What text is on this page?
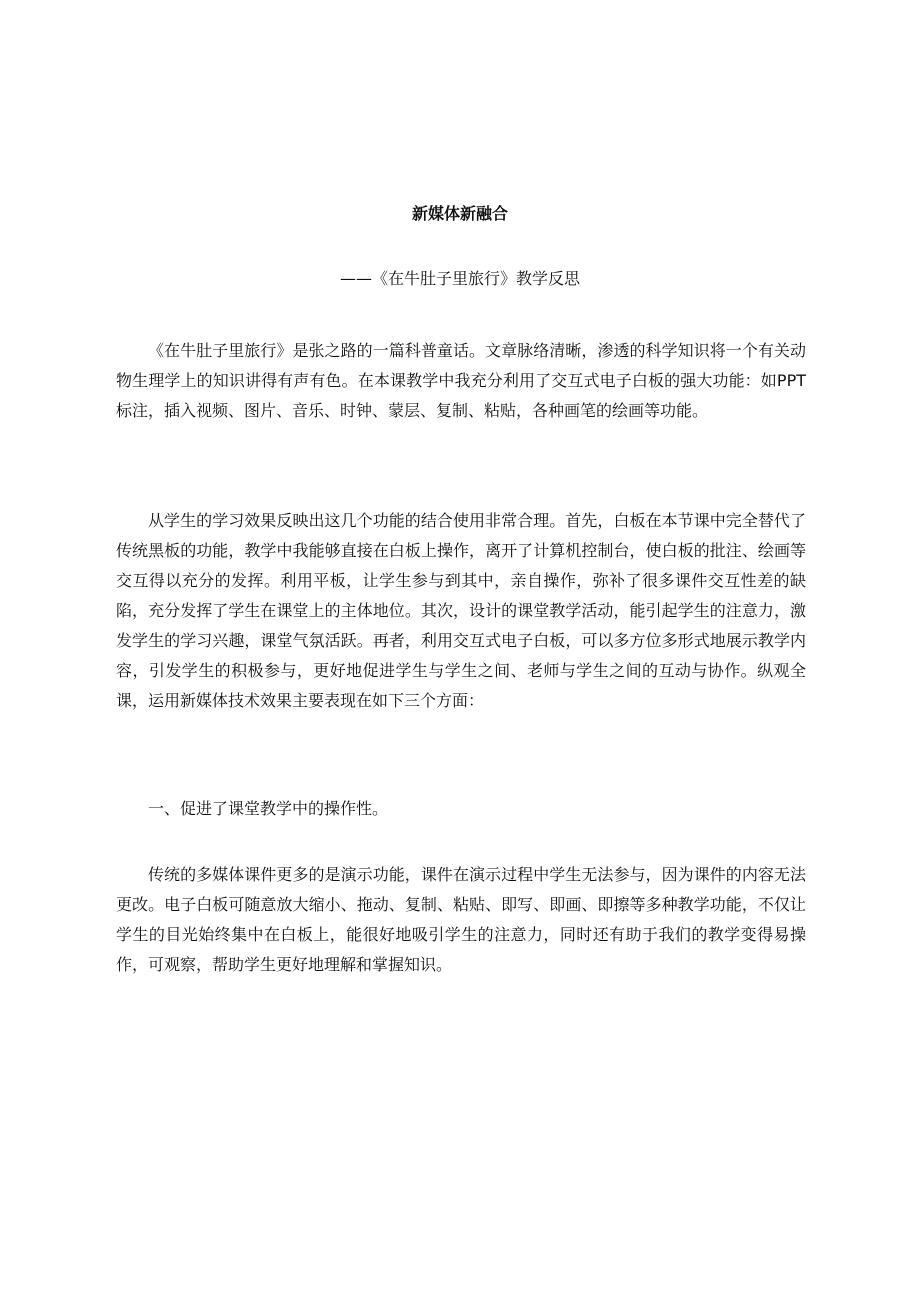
新媒体新融合

——《在牛肚子里旅行》教学反思

《在牛肚子里旅行》是张之路的一篇科普童话。文章脉络清晰，渗透的科学知识将一个有关动物生理学上的知识讲得有声有色。在本课教学中我充分利用了交互式电子白板的强大功能：如PPT标注，插入视频、图片、音乐、时钟、蒙层、复制、粘贴，各种画笔的绘画等功能。

从学生的学习效果反映出这几个功能的结合使用非常合理。首先，白板在本节课中完全替代了传统黑板的功能，教学中我能够直接在白板上操作，离开了计算机控制台，使白板的批注、绘画等交互得以充分的发挥。利用平板，让学生参与到其中，亲自操作，弥补了很多课件交互性差的缺陷，充分发挥了学生在课堂上的主体地位。其次，设计的课堂教学活动，能引起学生的注意力，激发学生的学习兴趣，课堂气氛活跃。再者，利用交互式电子白板，可以多方位多形式地展示教学内容，引发学生的积极参与，更好地促进学生与学生之间、老师与学生之间的互动与协作。纵观全课，运用新媒体技术效果主要表现在如下三个方面：

一、促进了课堂教学中的操作性。

传统的多媒体课件更多的是演示功能，课件在演示过程中学生无法参与，因为课件的内容无法更改。电子白板可随意放大缩小、拖动、复制、粘贴、即写、即画、即擦等多种教学功能，不仅让学生的目光始终集中在白板上，能很好地吸引学生的注意力，同时还有助于我们的教学变得易操作，可观察，帮助学生更好地理解和掌握知识。
